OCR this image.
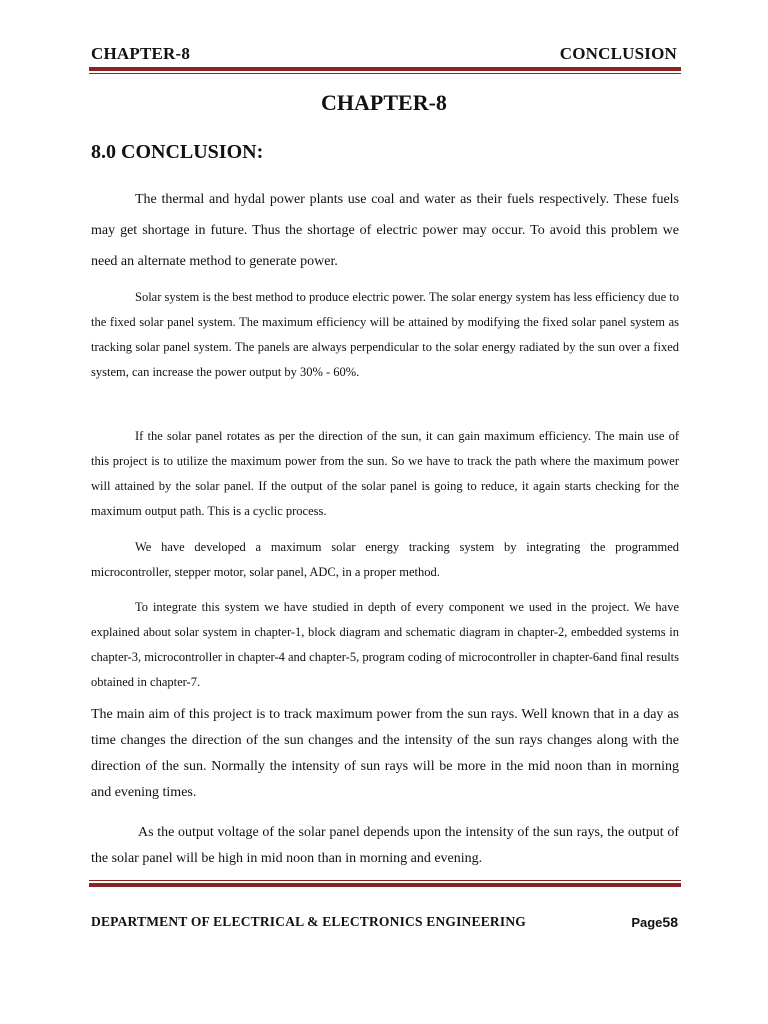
CHAPTER-8	CONCLUSION
CHAPTER-8
8.0 CONCLUSION:

The thermal and hydal power plants use coal and water as their fuels respectively. These fuels may get shortage in future. Thus the shortage of electric power may occur. To avoid this problem we need an alternate method to generate power.

Solar system is the best method to produce electric power. The solar energy system has less efficiency due to the fixed solar panel system. The maximum efficiency will be attained by modifying the fixed solar panel system as tracking solar panel system. The panels are always perpendicular to the solar energy radiated by the sun over a fixed system, can increase the power output by 30% - 60%.

If the solar panel rotates as per the direction of the sun, it can gain maximum efficiency. The main use of this project is to utilize the maximum power from the sun. So we have to track the path where the maximum power will attained by the solar panel. If the output of the solar panel is going to reduce, it again starts checking for the maximum output path. This is a cyclic process.

We have developed a maximum solar energy tracking system by integrating the programmed microcontroller, stepper motor, solar panel, ADC, in a proper method.

To integrate this system we have studied in depth of every component we used in the project. We have explained about solar system in chapter-1, block diagram and schematic diagram in chapter-2, embedded systems in chapter-3, microcontroller in chapter-4 and chapter-5, program coding of microcontroller in chapter-6and final results obtained in chapter-7.

The main aim of this project is to track maximum power from the sun rays. Well known that in a day as time changes the direction of the sun changes and the intensity of the sun rays changes along with the direction of the sun. Normally the intensity of sun rays will be more in the mid noon than in morning and evening times.

As the output voltage of the solar panel depends upon the intensity of the sun rays, the output of the solar panel will be high in mid noon than in morning and evening.

DEPARTMENT OF ELECTRICAL & ELECTRONICS ENGINEERING	Page58
